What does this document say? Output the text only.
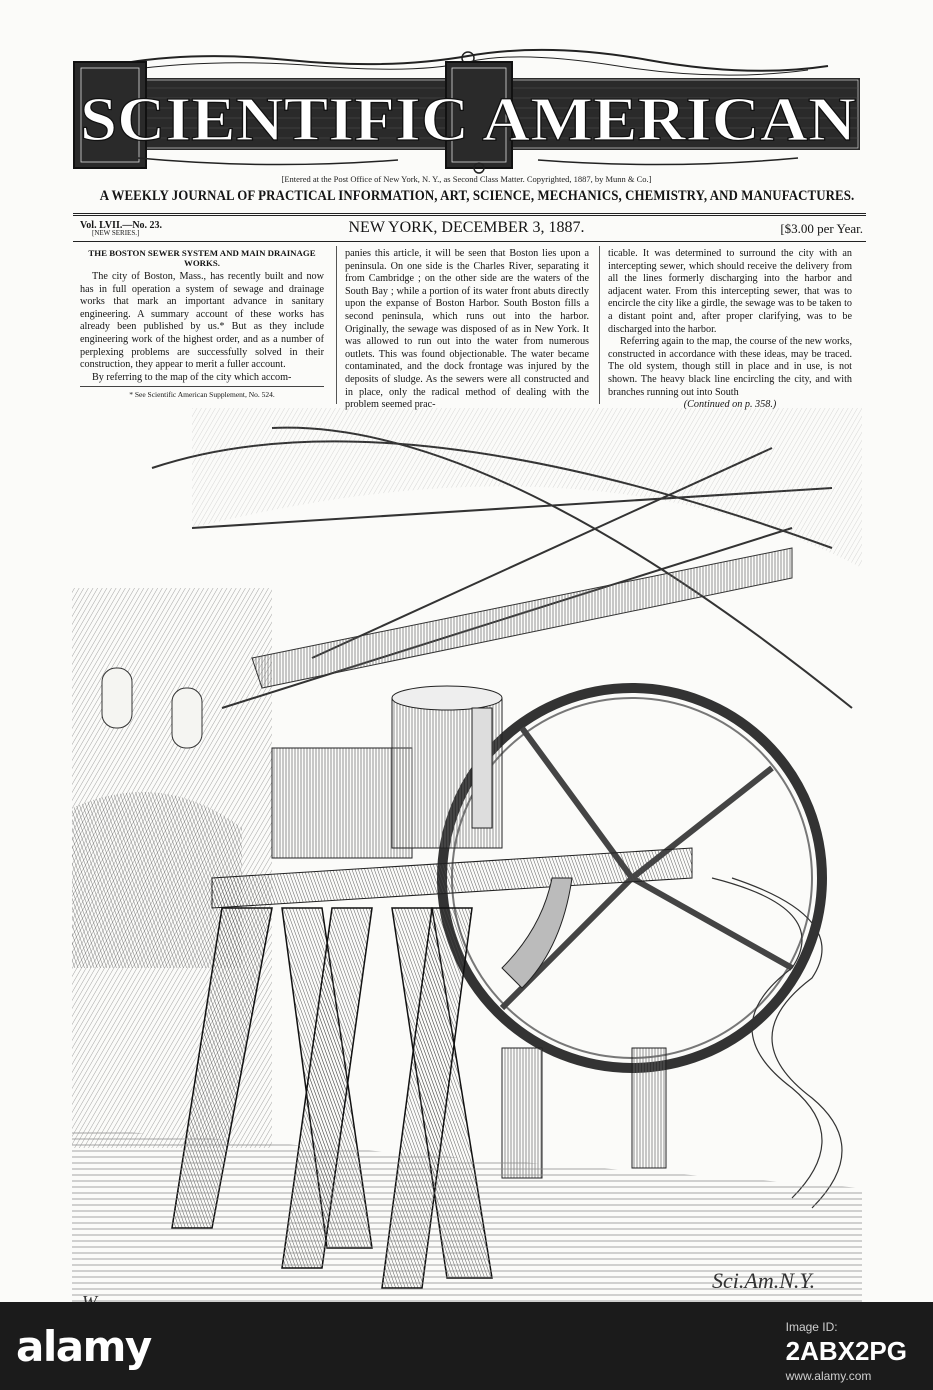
SCIENTIFIC AMERICAN
[Entered at the Post Office of New York, N. Y., as Second Class Matter. Copyrighted, 1887, by Munn & Co.]
A WEEKLY JOURNAL OF PRACTICAL INFORMATION, ART, SCIENCE, MECHANICS, CHEMISTRY, AND MANUFACTURES.
Vol. LVII.—No. 23.
[NEW SERIES.]	NEW YORK, DECEMBER 3, 1887.	[$3.00 per Year.

THE BOSTON SEWER SYSTEM AND MAIN DRAINAGE WORKS.

The city of Boston, Mass., has recently built and now has in full operation a system of sewage and drainage works that mark an important advance in sanitary engineering. A summary account of these works has already been published by us.* But as they include engineering work of the highest order, and as a number of perplexing problems are successfully solved in their construction, they appear to merit a fuller account.

By referring to the map of the city which accom-

* See Scientific American Supplement, No. 524.

panies this article, it will be seen that Boston lies upon a peninsula. On one side is the Charles River, separating it from Cambridge ; on the other side are the waters of the South Bay ; while a portion of its water front abuts directly upon the expanse of Boston Harbor. South Boston fills a second peninsula, which runs out into the harbor. Originally, the sewage was disposed of as in New York. It was allowed to run out into the water from numerous outlets. This was found objectionable. The water became contaminated, and the dock frontage was injured by the deposits of sludge. As the sewers were all constructed and in place, only the radical method of dealing with the problem seemed prac-

ticable. It was determined to surround the city with an intercepting sewer, which should receive the delivery from all the lines formerly discharging into the harbor and adjacent water. From this intercepting sewer, that was to encircle the city like a girdle, the sewage was to be taken to a distant point and, after proper clarifying, was to be discharged into the harbor.

Referring again to the map, the course of the new works, constructed in accordance with these ideas, may be traced. The old system, though still in place and in use, is not shown. The heavy black line encircling the city, and with branches running out into South

(Continued on p. 358.)

Sci.Am.N.Y.
alamy	Image ID:
2ABX2PG
www.alamy.com
